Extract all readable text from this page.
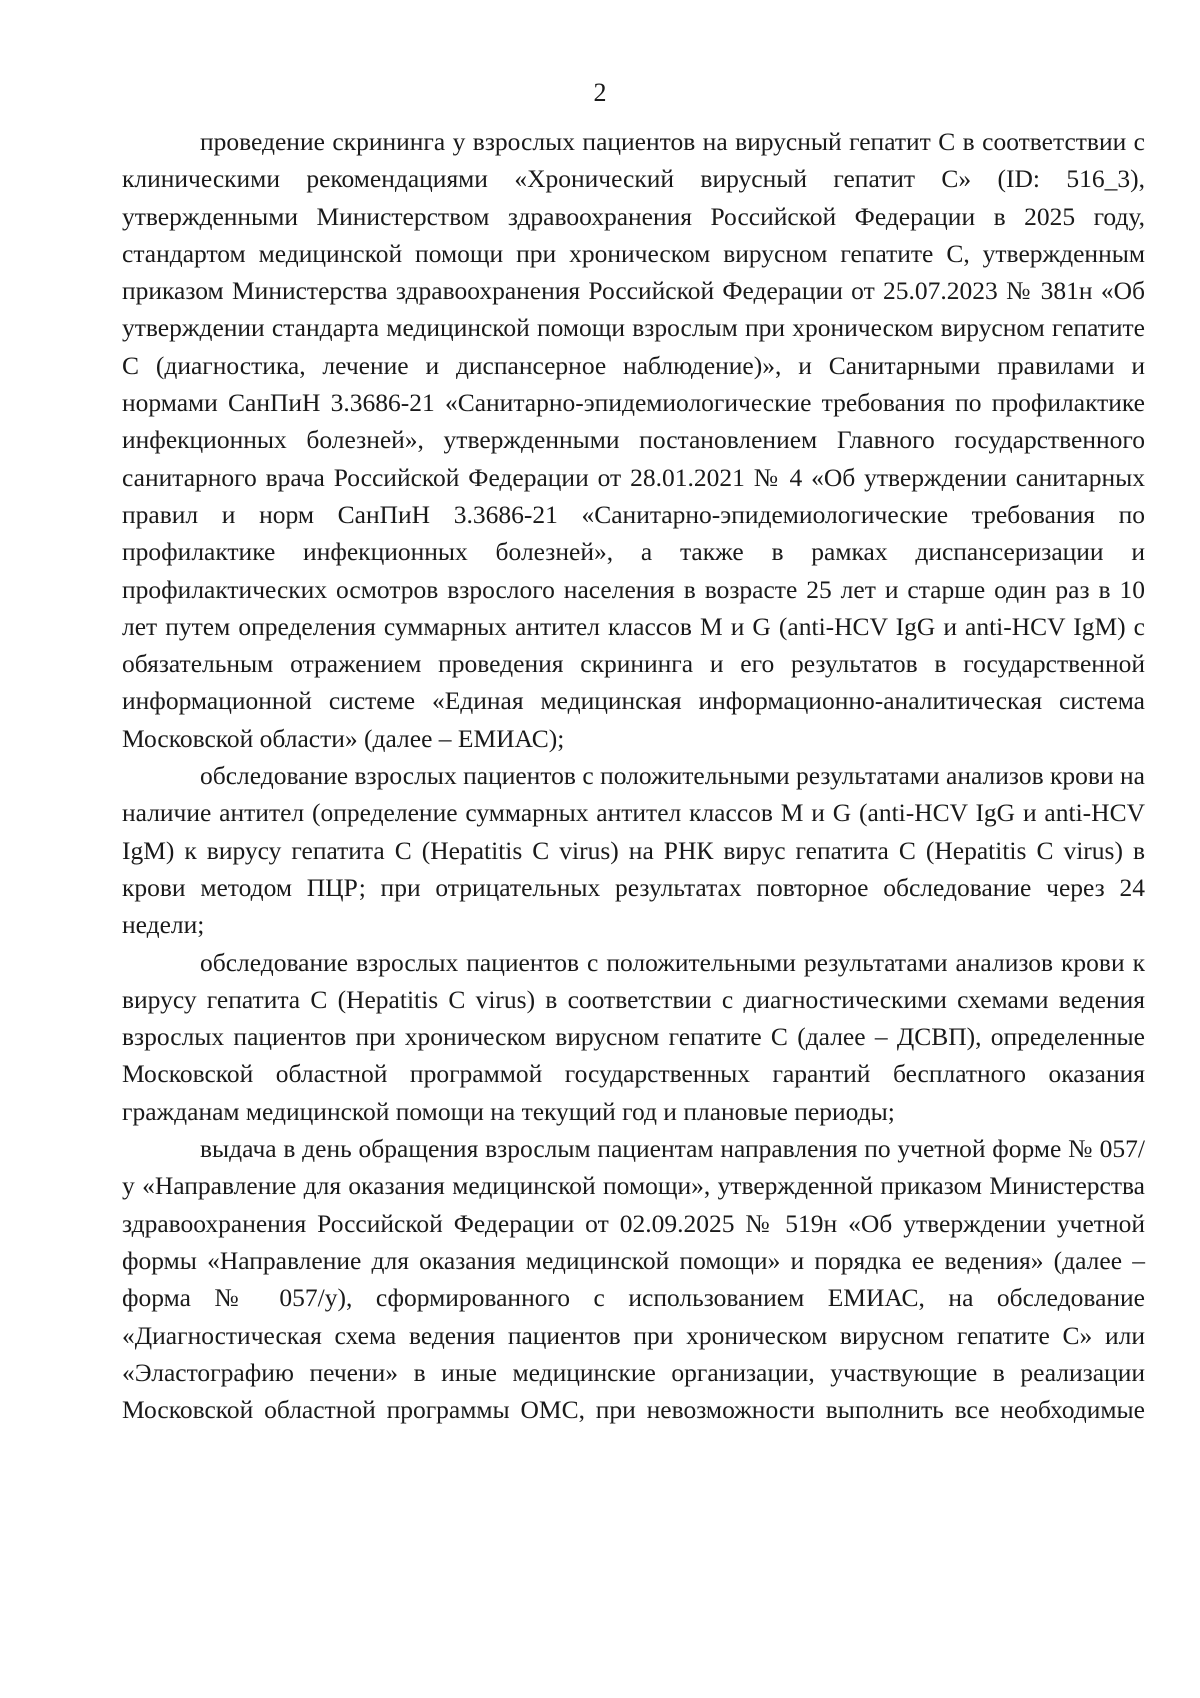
2

проведение скрининга у взрослых пациентов на вирусный гепатит С в соответствии с клиническими рекомендациями «Хронический вирусный гепатит С» (ID: 516_3), утвержденными Министерством здравоохранения Российской Федерации в 2025 году, стандартом медицинской помощи при хроническом вирусном гепатите С, утвержденным приказом Министерства здравоохранения Российской Федерации от 25.07.2023 № 381н «Об утверждении стандарта медицинской помощи взрослым при хроническом вирусном гепатите С (диагностика, лечение и диспансерное наблюдение)», и Санитарными правилами и нормами СанПиН 3.3686-21 «Санитарно-эпидемиологические требования по профилактике инфекционных болезней», утвержденными постановлением Главного государственного санитарного врача Российской Федерации от 28.01.2021 № 4 «Об утверждении санитарных правил и норм СанПиН 3.3686-21 «Санитарно-эпидемиологические требования по профилактике инфекционных болезней», а также в рамках диспансеризации и профилактических осмотров взрослого населения в возрасте 25 лет и старше один раз в 10 лет путем определения суммарных антител классов М и G (anti-HCV IgG и anti-HCV IgM) с обязательным отражением проведения скрининга и его результатов в государственной информационной системе «Единая медицинская информационно-аналитическая система Московской области» (далее – ЕМИАС);

обследование взрослых пациентов с положительными результатами анализов крови на наличие антител (определение суммарных антител классов М и G (anti-HCV IgG и anti-HCV IgM) к вирусу гепатита С (Hepatitis C virus) на РНК вирус гепатита С (Hepatitis C virus) в крови методом ПЦР; при отрицательных результатах повторное обследование через 24 недели;

обследование взрослых пациентов с положительными результатами анализов крови к вирусу гепатита С (Hepatitis C virus) в соответствии с диагностическими схемами ведения взрослых пациентов при хроническом вирусном гепатите С (далее – ДСВП), определенные Московской областной программой государственных гарантий бесплатного оказания гражданам медицинской помощи на текущий год и плановые периоды;

выдача в день обращения взрослым пациентам направления по учетной форме № 057/у «Направление для оказания медицинской помощи», утвержденной приказом Министерства здравоохранения Российской Федерации от 02.09.2025 № 519н «Об утверждении учетной формы «Направление для оказания медицинской помощи» и порядка ее ведения» (далее – форма № 057/у), сформированного с использованием ЕМИАС, на обследование «Диагностическая схема ведения пациентов при хроническом вирусном гепатите С» или «Эластографию печени» в иные медицинские организации, участвующие в реализации Московской областной программы ОМС, при невозможности выполнить все необходимые
